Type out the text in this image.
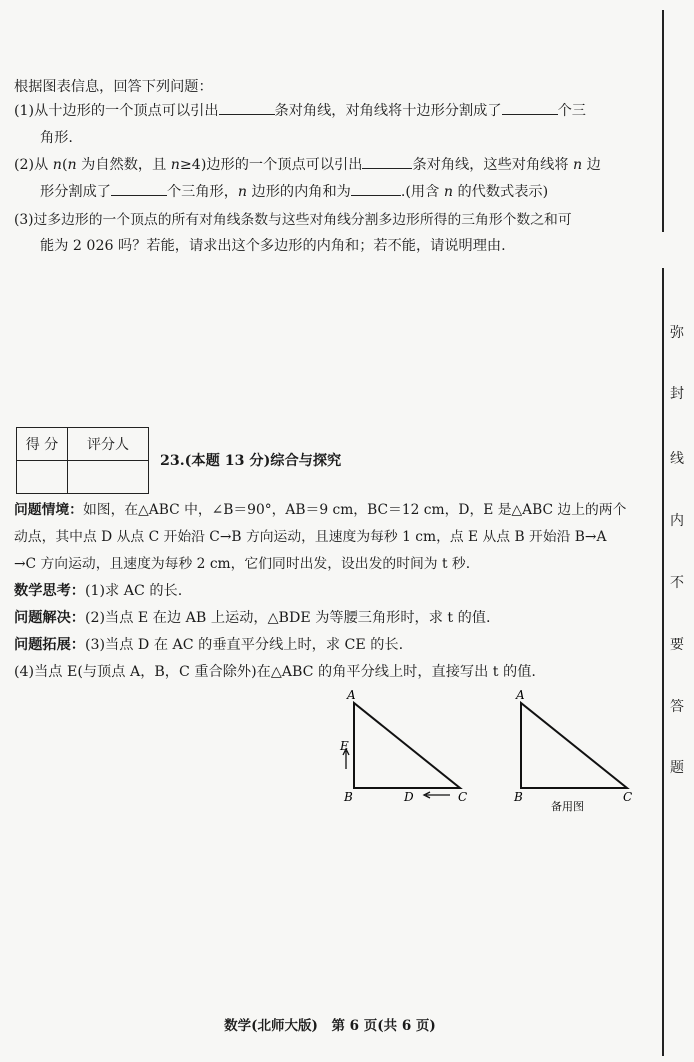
弥
封
线
内
不
要
答
题
根据图表信息，回答下列问题：
(1)从十边形的一个顶点可以引出	条对角线，对角线将十边形分割成了	个三
角形.
(2)从 n(n 为自然数，且 n≥4)边形的一个顶点可以引出	条对角线，这些对角线将 n 边
形分割成了	个三角形，n 边形的内角和为	.(用含 n 的代数式表示)
(3)过多边形的一个顶点的所有对角线条数与这些对角线分割多边形所得的三角形个数之和可
能为 2 026 吗？若能，请求出这个多边形的内角和；若不能，请说明理由.
得 分	评分人

23.(本题 13 分)综合与探究
问题情境：如图，在△ABC 中，∠B＝90°，AB＝9 cm，BC＝12 cm，D，E 是△ABC 边上的两个
动点，其中点 D 从点 C 开始沿 C→B 方向运动，且速度为每秒 1 cm，点 E 从点 B 开始沿 B→A
→C 方向运动，且速度为每秒 2 cm，它们同时出发，设出发的时间为 t 秒.
数学思考：(1)求 AC 的长.
问题解决：(2)当点 E 在边 AB 上运动，△BDE 为等腰三角形时，求 t 的值.
问题拓展：(3)当点 D 在 AC 的垂直平分线上时，求 CE 的长.
(4)当点 E(与顶点 A，B，C 重合除外)在△ABC 的角平分线上时，直接写出 t 的值.
A
B	C
D
E
A
B	C
备用图
数学(北师大版)　第 6 页(共 6 页)
